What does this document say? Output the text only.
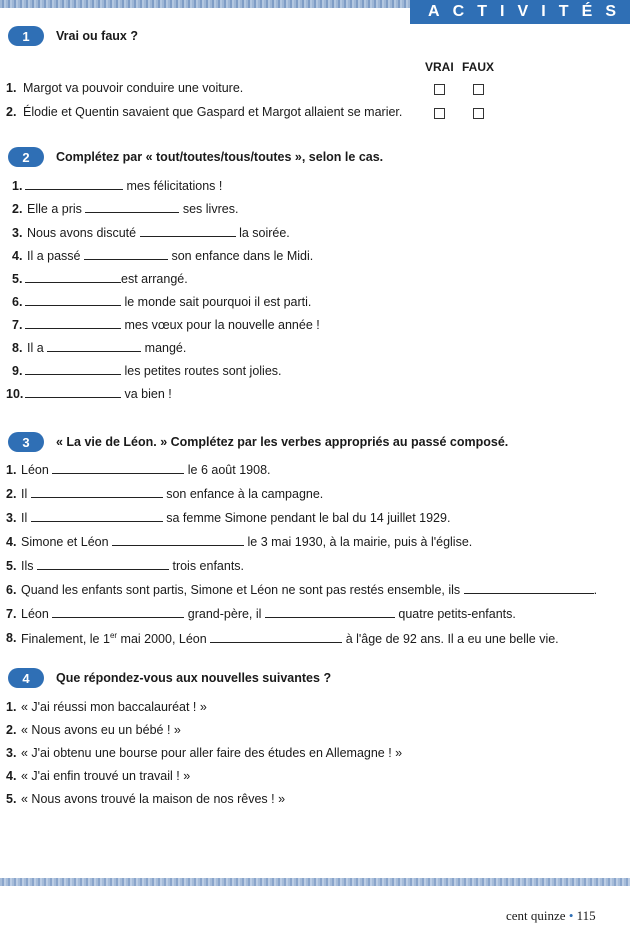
A C T I V I T É S
1	Vrai ou faux ?
VRAI FAUX
1. Margot va pouvoir conduire une voiture.
2. Élodie et Quentin savaient que Gaspard et Margot allaient se marier.
2	Complétez par « tout/toutes/tous/toutes », selon le cas.
1.	mes félicitations !
2. Elle a pris	ses livres.
3. Nous avons discuté	la soirée.
4. Il a passé	son enfance dans le Midi.
5.	est arrangé.
6.	le monde sait pourquoi il est parti.
7.	mes vœux pour la nouvelle année !
8. Il a	mangé.
9.	les petites routes sont jolies.
10.	va bien !
3	« La vie de Léon. » Complétez par les verbes appropriés au passé composé.
1. Léon	le 6 août 1908.
2. Il	son enfance à la campagne.
3. Il	sa femme Simone pendant le bal du 14 juillet 1929.
4. Simone et Léon	le 3 mai 1930, à la mairie, puis à l'église.
5. Ils	trois enfants.
6. Quand les enfants sont partis, Simone et Léon ne sont pas restés ensemble, ils	.
7. Léon	grand-père, il	quatre petits-enfants.
8. Finalement, le 1er mai 2000, Léon	à l'âge de 92 ans. Il a eu une belle vie.
4	Que répondez-vous aux nouvelles suivantes ?
1. « J'ai réussi mon baccalauréat ! »
2. « Nous avons eu un bébé ! »
3. « J'ai obtenu une bourse pour aller faire des études en Allemagne ! »
4. « J'ai enfin trouvé un travail ! »
5. « Nous avons trouvé la maison de nos rêves ! »
cent quinze • 115
